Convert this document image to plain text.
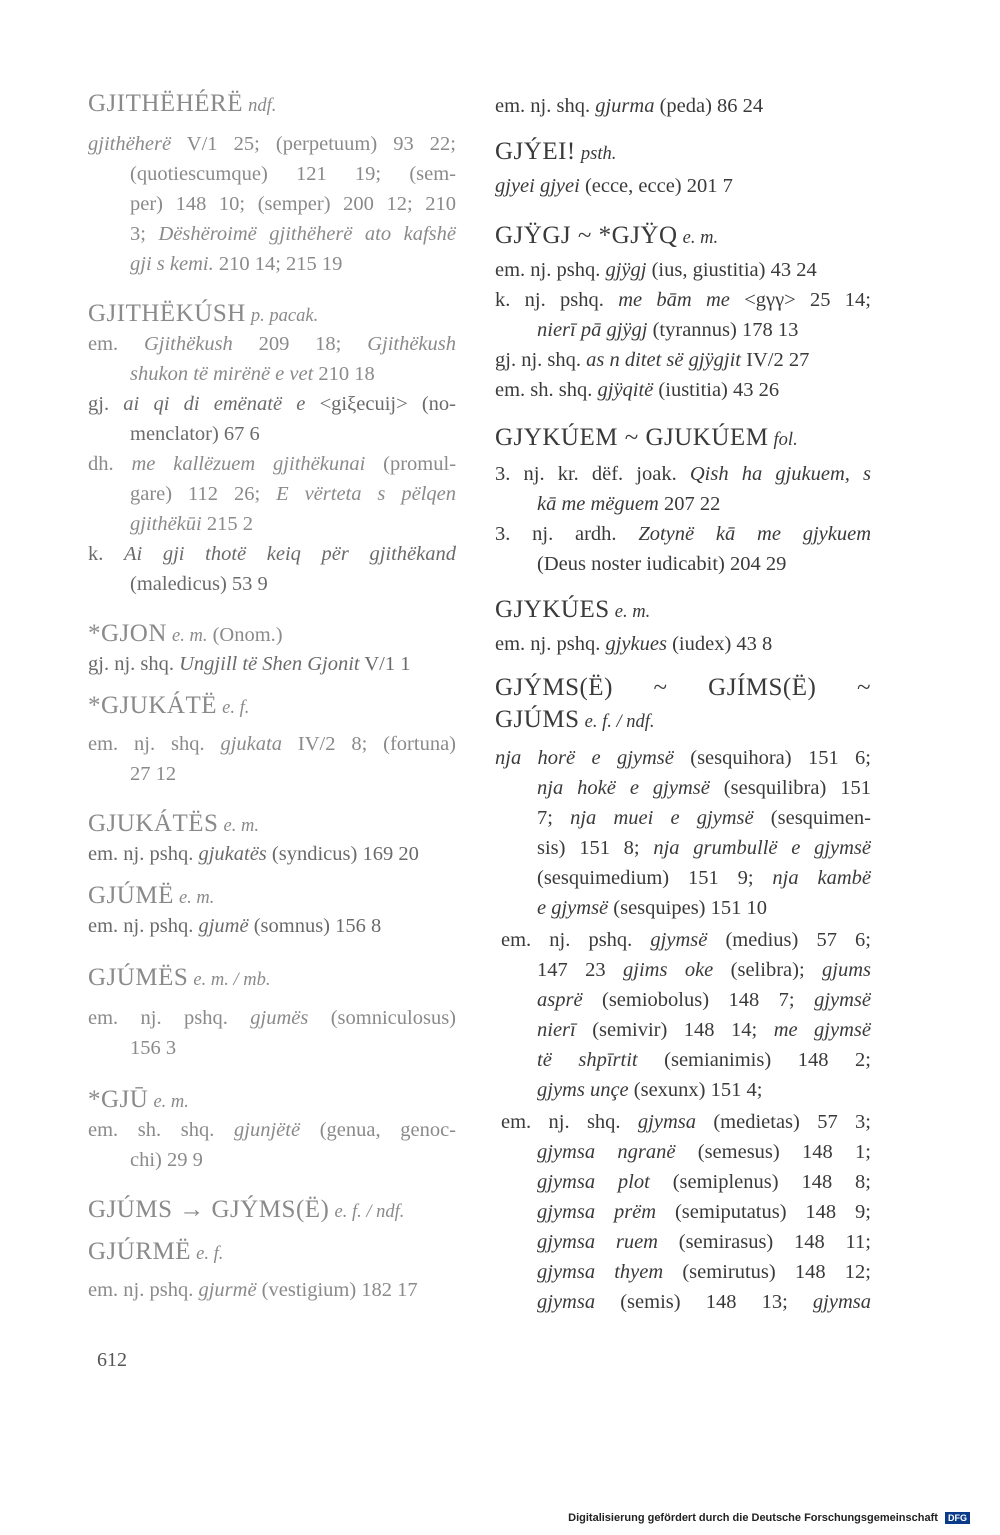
GJITHËHÉRË ndf.
gjithëherë V/1 25; (perpetuum) 93 22;
(quotiescumque) 121 19; (sem-
per) 148 10; (semper) 200 12; 210
3; Dëshëroimë gjithëherë ato kafshë
gji s kemi. 210 14; 215 19
GJITHËKÚSH p. pacak.
em. Gjithëkush 209 18; Gjithëkush
shukon të mirënë e vet 210 18
gj. ai qi di emënatë e <giξecuij> (no-
menclator) 67 6
dh. me kallëzuem gjithëkunai (promul-
gare) 112 26; E vërteta s pëlqen
gjithëkūi 215 2
k. Ai gji thotë keiq për gjithëkand
(maledicus) 53 9
*GJON e. m. (Onom.)
gj. nj. shq. Ungjill të Shen Gjonit V/1 1
*GJUKÁTË e. f.
em. nj. shq. gjukata IV/2 8; (fortuna)
27 12
GJUKÁTËS e. m.
em. nj. pshq. gjukatës (syndicus) 169 20
GJÚMË e. m.
em. nj. pshq. gjumë (somnus) 156 8
GJÚMËS e. m. / mb.
em. nj. pshq. gjumës (somniculosus)
156 3
*GJŪ e. m.
em. sh. shq. gjunjëtë (genua, genoc-
chi) 29 9
GJÚMS → GJÝMS(Ë) e. f. / ndf.
GJÚRMË e. f.
em. nj. pshq. gjurmë (vestigium) 182 17
em. nj. shq. gjurma (peda) 86 24
GJÝEI! psth.
gjyei gjyei (ecce, ecce) 201 7
GJŸGJ ~ *GJŸQ e. m.
em. nj. pshq. gjÿgj (ius, giustitia) 43 24
k. nj. pshq. me bām me <gγγ> 25 14;
nierī pā gjÿgj (tyrannus) 178 13
gj. nj. shq. as n ditet së gjÿgjit IV/2 27
em. sh. shq. gjÿqitë (iustitia) 43 26
GJYKÚEM ~ GJUKÚEM fol.
3. nj. kr. dëf. joak. Qish ha gjukuem, s
kā me mëguem 207 22
3. nj. ardh. Zotynë kā me gjykuem
(Deus noster iudicabit) 204 29
GJYKÚES e. m.
em. nj. pshq. gjykues (iudex) 43 8
GJÝMS(Ë) ~ GJÍMS(Ë) ~
GJÚMS e. f. / ndf.
nja horë e gjymsë (sesquihora) 151 6;
nja hokë e gjymsë (sesquilibra) 151
7; nja muei e gjymsë (sesquimen-
sis) 151 8; nja grumbullë e gjymsë
(sesquimedium) 151 9; nja kambë
e gjymsë (sesquipes) 151 10
em. nj. pshq. gjymsë (medius) 57 6;
147 23 gjims oke (selibra); gjums
asprë (semiobolus) 148 7; gjymsë
nierī (semivir) 148 14; me gjymsë
të shpīrtit (semianimis) 148 2;
gjyms unçe (sexunx) 151 4;
em. nj. shq. gjymsa (medietas) 57 3;
gjymsa ngranë (semesus) 148 1;
gjymsa plot (semiplenus) 148 8;
gjymsa prëm (semiputatus) 148 9;
gjymsa ruem (semirasus) 148 11;
gjymsa thyem (semirutus) 148 12;
gjymsa (semis) 148 13; gjymsa
612
Digitalisierung gefördert durch die Deutsche Forschungsgemeinschaft DFG
